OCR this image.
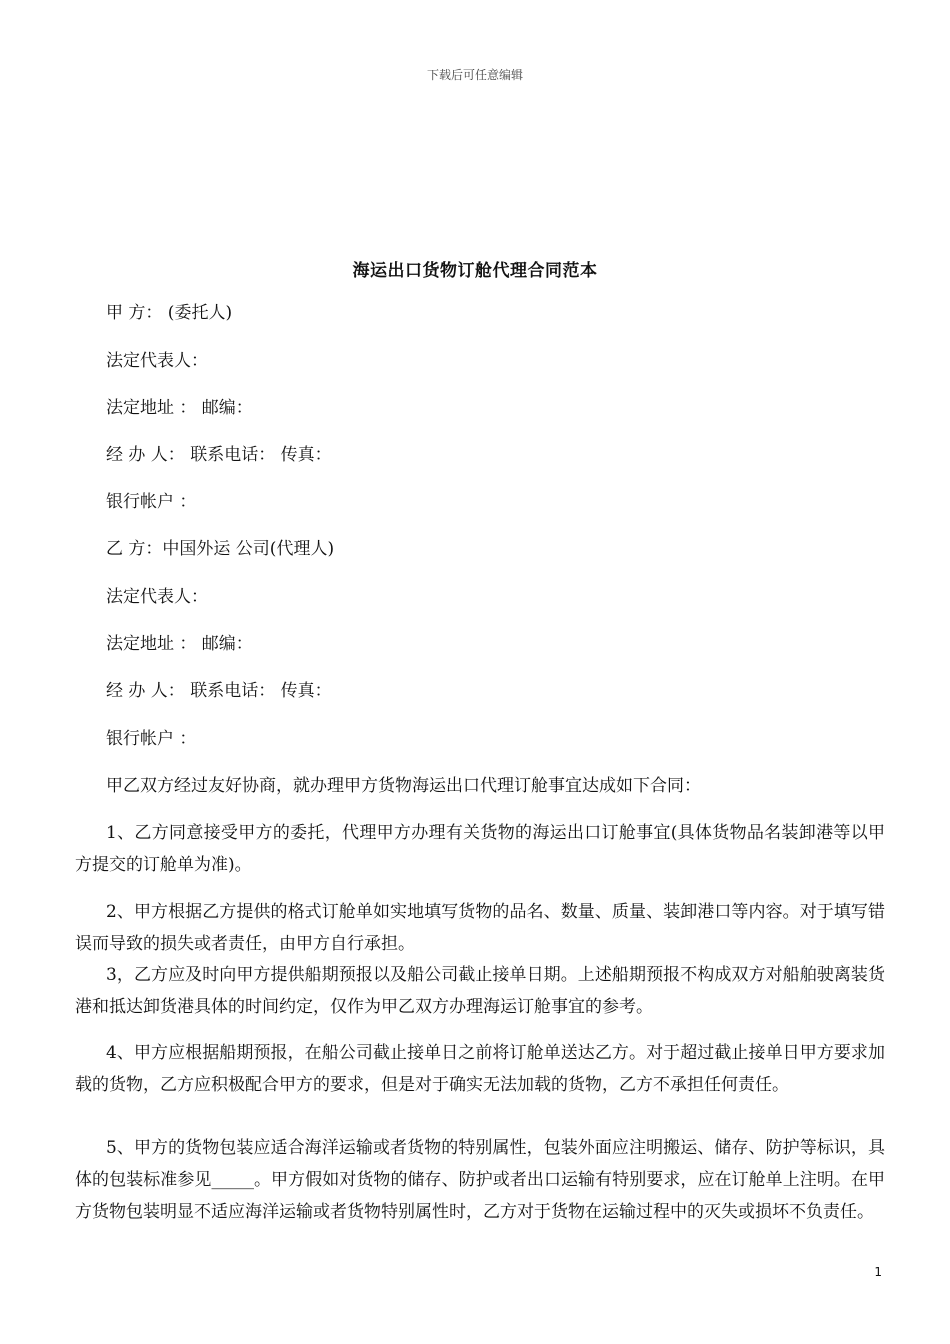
下载后可任意编辑
海运出口货物订舱代理合同范本
甲 方： (委托人)
法定代表人：
法定地址 ： 邮编：
经 办 人： 联系电话： 传真：
银行帐户 ：
乙 方：中国外运 公司(代理人)
法定代表人：
法定地址 ： 邮编：
经 办 人： 联系电话： 传真：
银行帐户 ：
甲乙双方经过友好协商，就办理甲方货物海运出口代理订舱事宜达成如下合同：
1、乙方同意接受甲方的委托，代理甲方办理有关货物的海运出口订舱事宜(具体货物品名装卸港等以甲方提交的订舱单为准)。
2、甲方根据乙方提供的格式订舱单如实地填写货物的品名、数量、质量、装卸港口等内容。对于填写错误而导致的损失或者责任，由甲方自行承担。
3，乙方应及时向甲方提供船期预报以及船公司截止接单日期。上述船期预报不构成双方对船舶驶离装货港和抵达卸货港具体的时间约定，仅作为甲乙双方办理海运订舱事宜的参考。
4、甲方应根据船期预报，在船公司截止接单日之前将订舱单送达乙方。对于超过截止接单日甲方要求加载的货物，乙方应积极配合甲方的要求，但是对于确实无法加载的货物，乙方不承担任何责任。
5、甲方的货物包装应适合海洋运输或者货物的特别属性，包装外面应注明搬运、储存、防护等标识，具体的包装标准参见_____。甲方假如对货物的储存、防护或者出口运输有特别要求，应在订舱单上注明。在甲方货物包装明显不适应海洋运输或者货物特别属性时，乙方对于货物在运输过程中的灭失或损坏不负责任。
1
